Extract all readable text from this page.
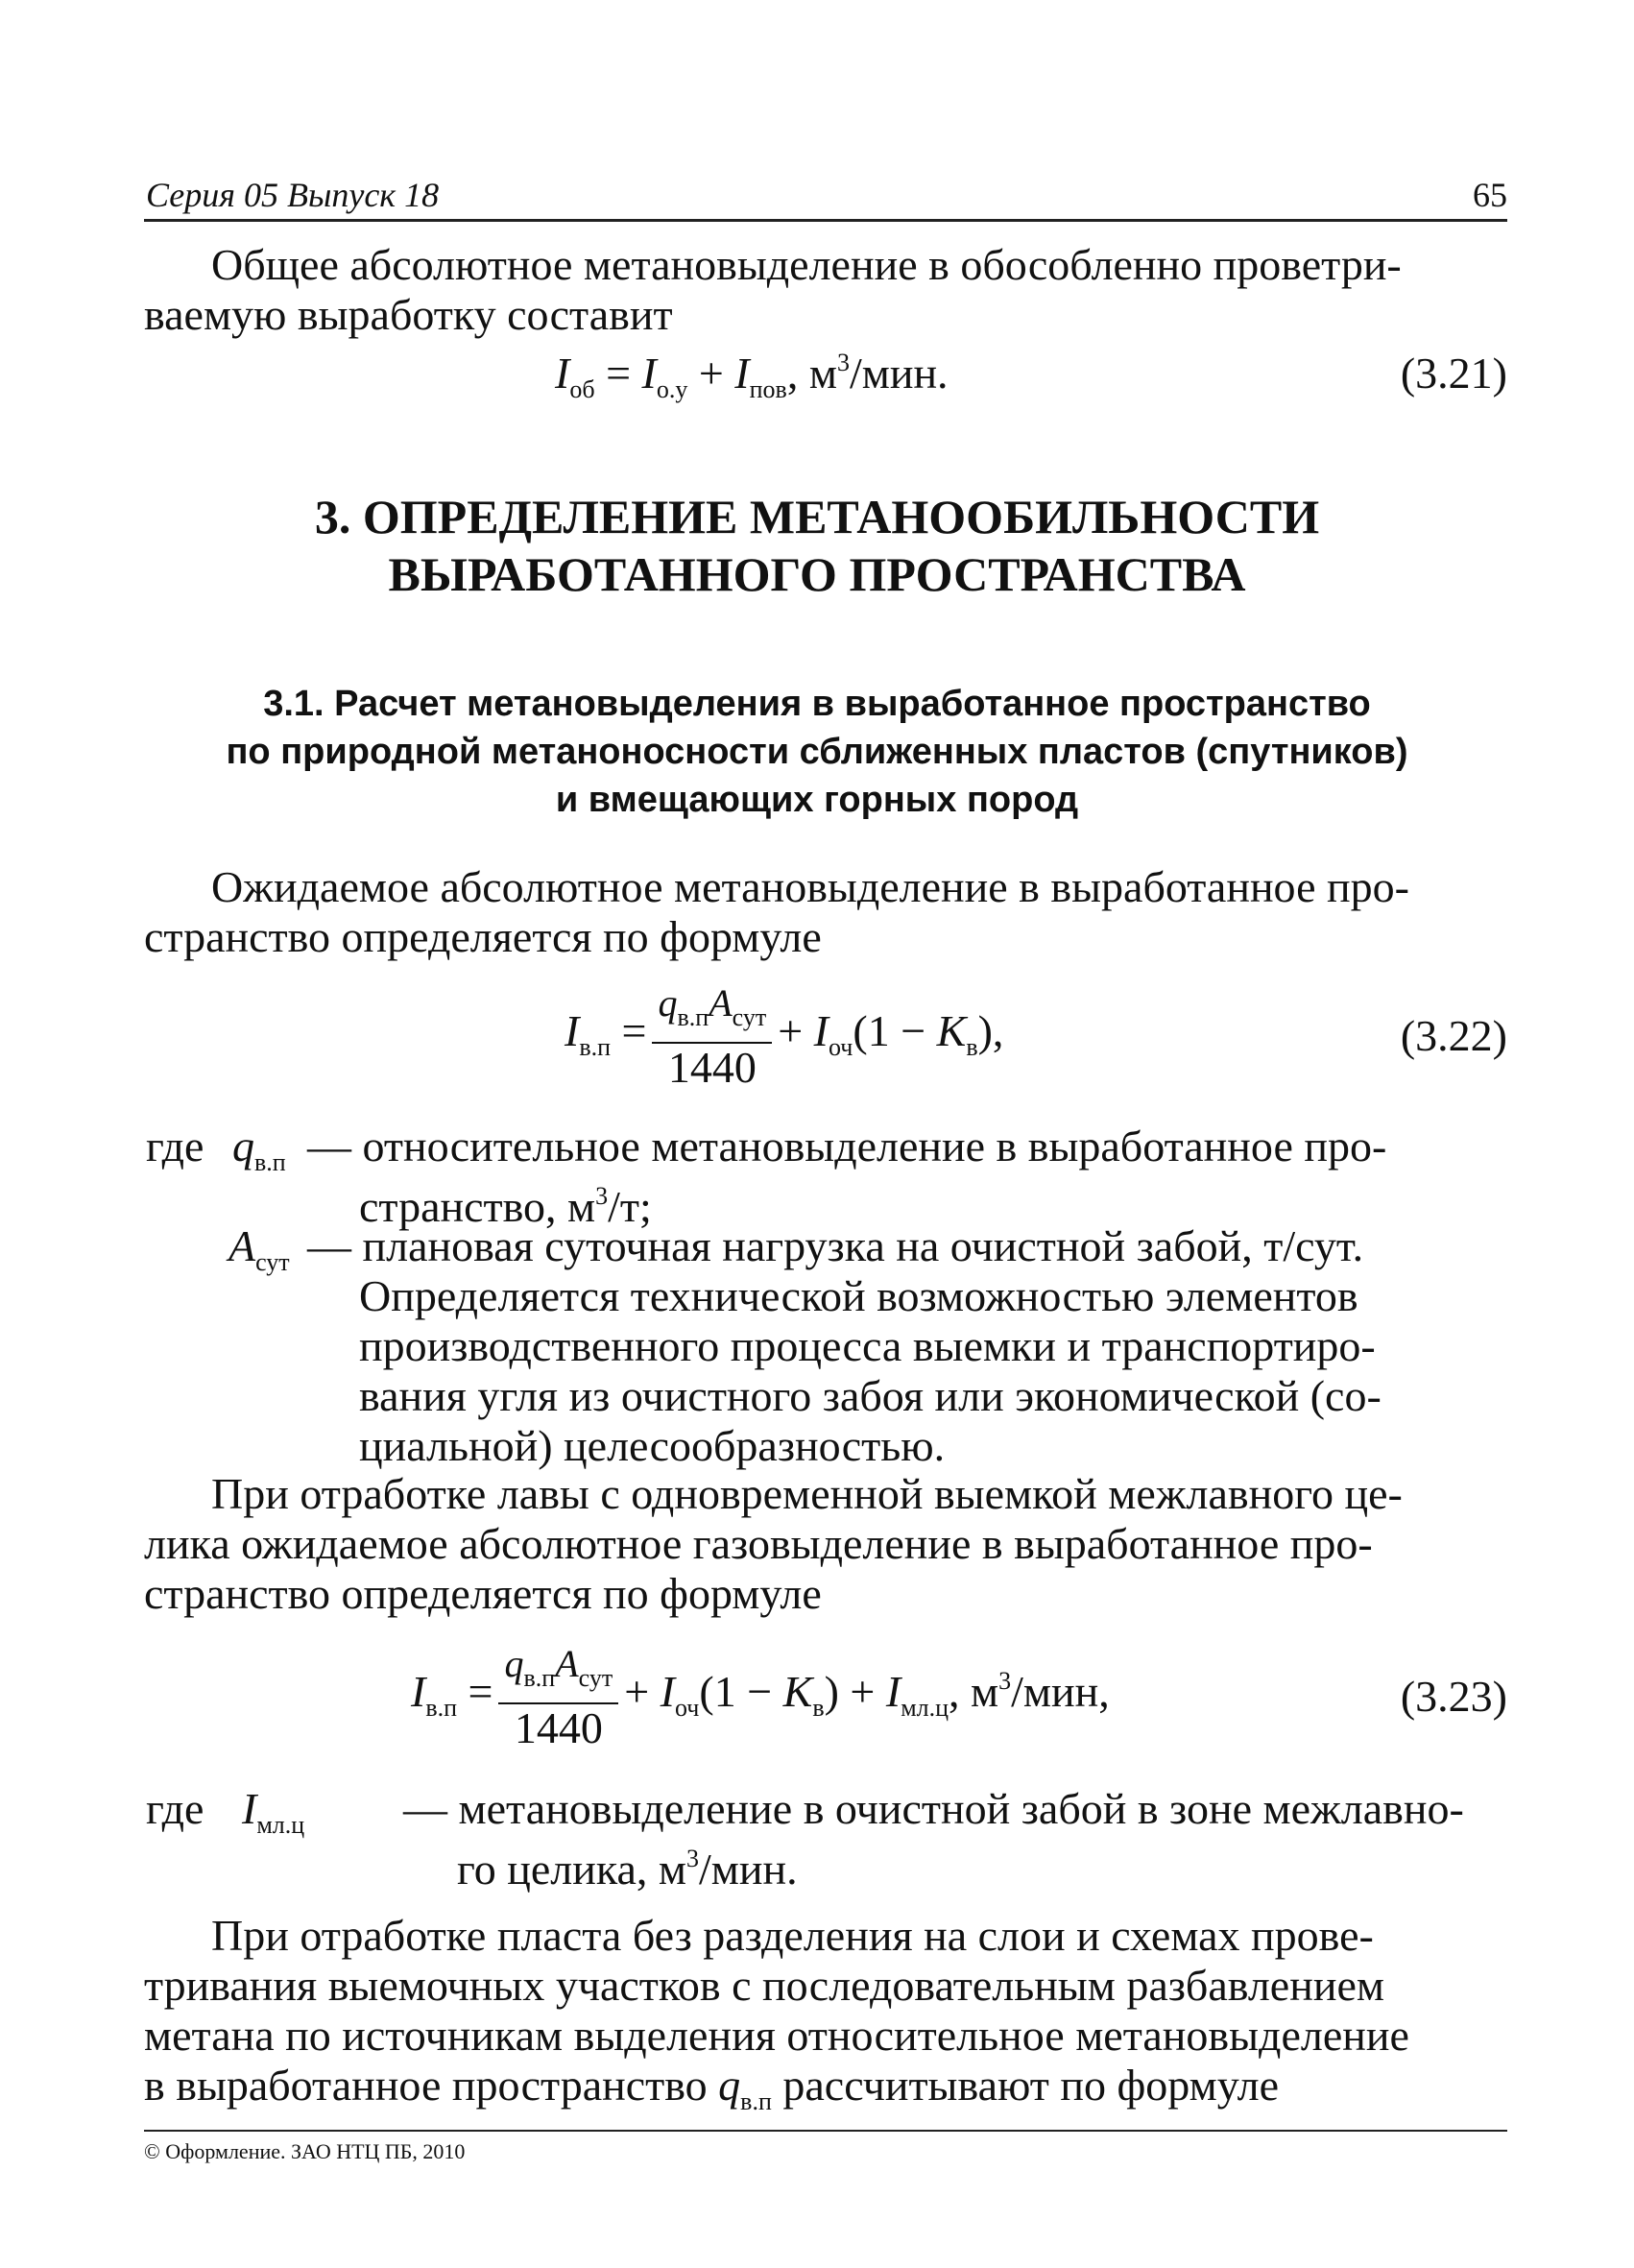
Серия 05 Выпуск 18	65
Общее абсолютное метановыделение в обособленно проветри-
ваемую выработку составит
$I_{об} = I_{о.у} + I_{пов}$, $м^3$/мин.	(3.21)
3. ОПРЕДЕЛЕНИЕ МЕТАНООБИЛЬНОСТИ
ВЫРАБОТАННОГО ПРОСТРАНСТВА
3.1. Расчет метановыделения в выработанное пространство
по природной метаноносности сближенных пластов (спутников)
и вмещающих горных пород
Ожидаемое абсолютное метановыделение в выработанное про-
странство определяется по формуле
$I_{в.п} = \frac{q_{в.п}A_{сут}}{1440} + I_{оч}(1 - K_в)$,	(3.22)
где $q_{в.п}$ — относительное метановыделение в выработанное про-
странство, $м^3/т$;
$A_{сут}$ — плановая суточная нагрузка на очистной забой, т/сут.
Определяется технической возможностью элементов
производственного процесса выемки и транспортиро-
вания угля из очистного забоя или экономической (со-
циальной) целесообразностью.
При отработке лавы с одновременной выемкой межлавного це-
лика ожидаемое абсолютное газовыделение в выработанное про-
странство определяется по формуле
$I_{в.п} = \frac{q_{в.п}A_{сут}}{1440} + I_{оч}(1 - K_в) + I_{мл.ц}$, $м^3$/мин,	(3.23)
где $I_{мл.ц}$ — метановыделение в очистной забой в зоне межлавно-
го целика, $м^3$/мин.
При отработке пласта без разделения на слои и схемах прове-
тривания выемочных участков с последовательным разбавлением
метана по источникам выделения относительное метановыделение
в выработанное пространство $q_{в.п}$ рассчитывают по формуле
© Оформление. ЗАО НТЦ ПБ, 2010
